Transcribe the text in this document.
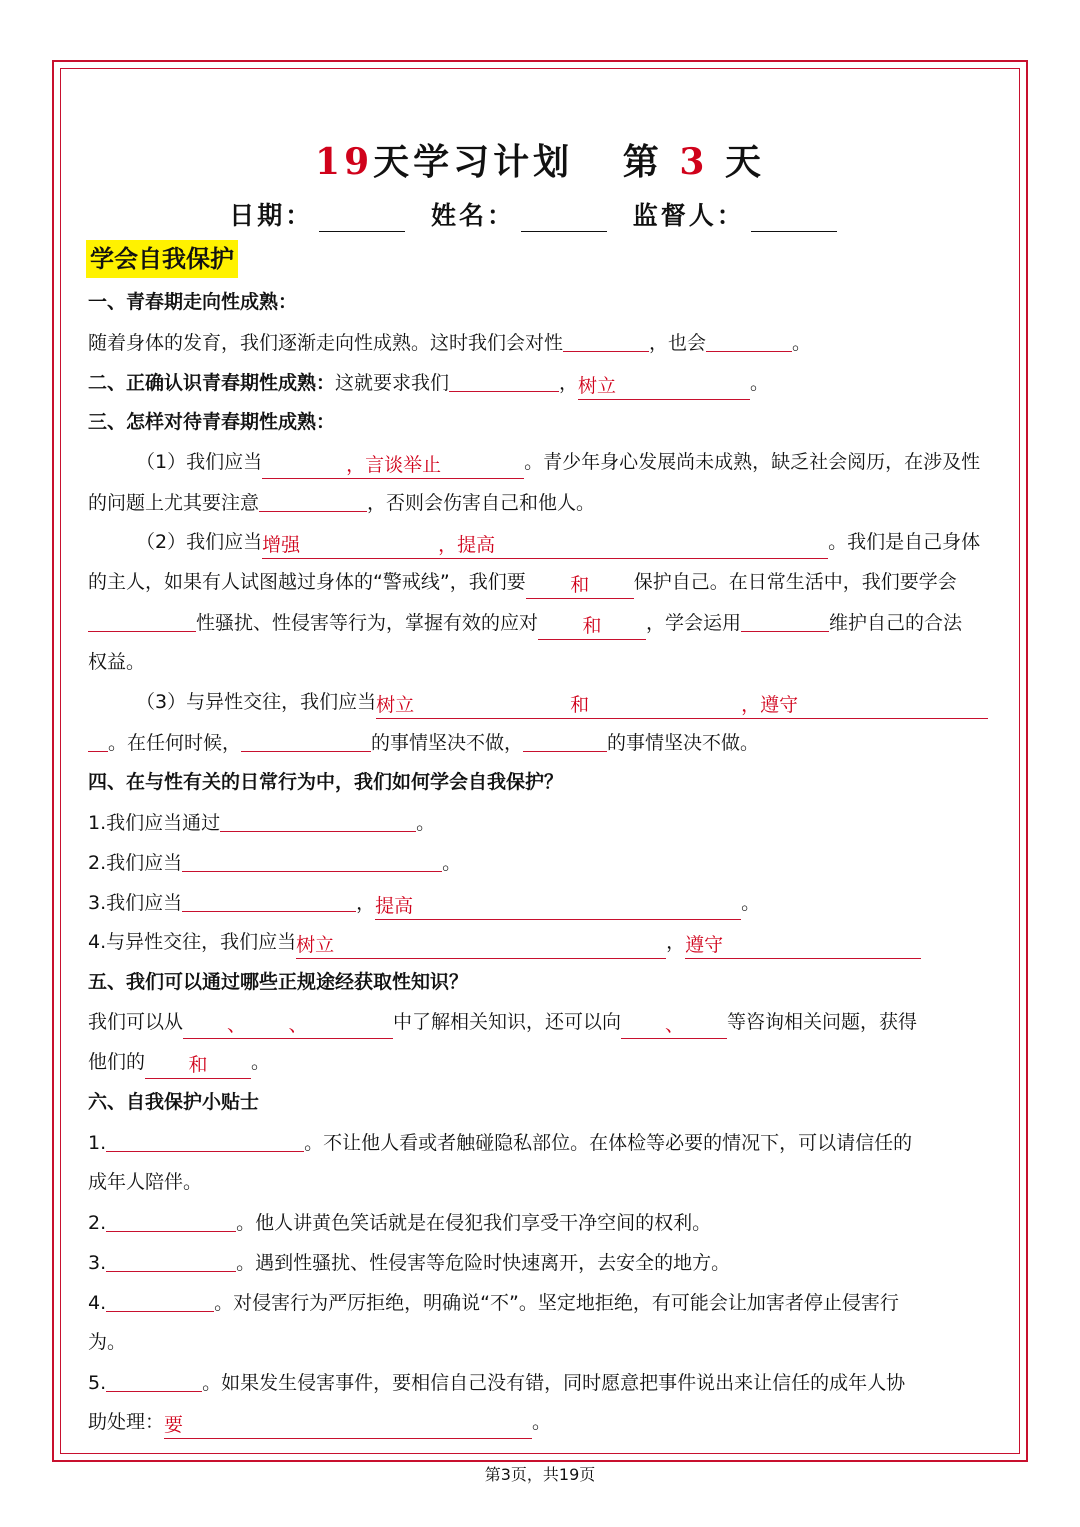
19天学习计划 第 3 天
日期：	姓名：	监督人：
学会自我保护
一、青春期走向性成熟：
随着身体的发育，我们逐渐走向性成熟。这时我们会对性	，也会	。
二、正确认识青春期性成熟：这就要求我们	，树立	。
三、怎样对待青春期性成熟：
（1）我们应当	，言谈举止	。青少年身心发展尚未成熟，缺乏社会阅历，在涉及性
的问题上尤其要注意	，否则会伤害自己和他人。
（2）我们应当增强	，提高	。我们是自己身体
的主人，如果有人试图越过身体的“警戒线”，我们要 和 保护自己。在日常生活中，我们要学会
性骚扰、性侵害等行为，掌握有效的应对 和 ，学会运用	维护自己的合法
权益。
（3）与异性交往，我们应当树立	和	，遵守
。在任何时候，	的事情坚决不做，	的事情坚决不做。
四、在与性有关的日常行为中，我们如何学会自我保护？
1.我们应当通过	。
2.我们应当	。
3.我们应当	，提高	。
4.与异性交往，我们应当树立	，遵守
五、我们可以通过哪些正规途经获取性知识？
我们可以从 、	、	中了解相关知识，还可以向 、 等咨询相关问题，获得
他们的 和 。
六、自我保护小贴士
1.	。不让他人看或者触碰隐私部位。在体检等必要的情况下，可以请信任的
成年人陪伴。
2.	。他人讲黄色笑话就是在侵犯我们享受干净空间的权利。
3.	。遇到性骚扰、性侵害等危险时快速离开，去安全的地方。
4.	。对侵害行为严厉拒绝，明确说“不”。坚定地拒绝，有可能会让加害者停止侵害行
为。
5.	。如果发生侵害事件，要相信自己没有错，同时愿意把事件说出来让信任的成年人协
助处理：要	。
第3页，共19页
